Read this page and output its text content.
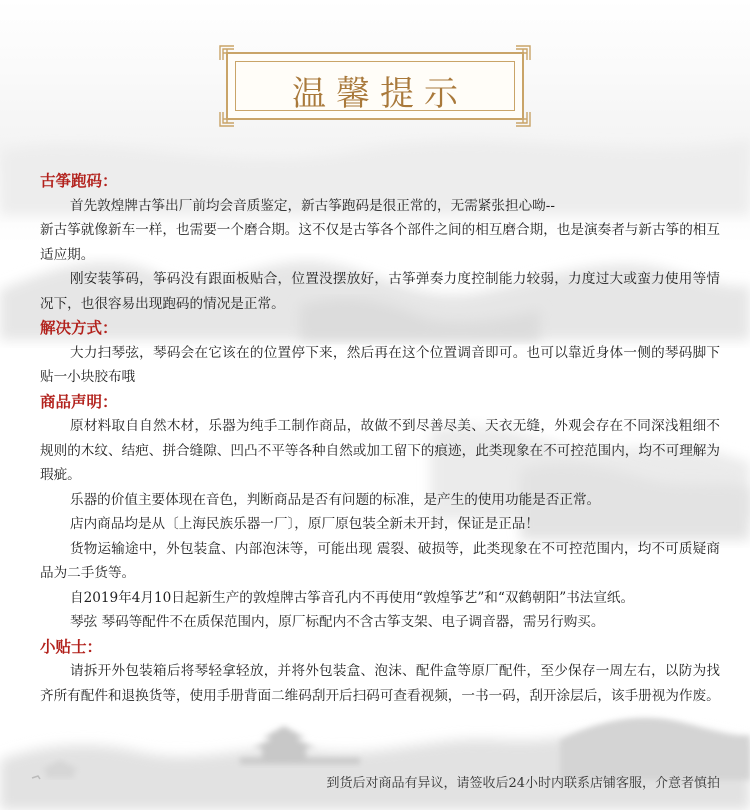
温馨提示
古筝跑码：

首先敦煌牌古筝出厂前均会音质鉴定，新古筝跑码是很正常的，无需紧张担心呦--

新古筝就像新车一样，也需要一个磨合期。这不仅是古筝各个部件之间的相互磨合期，也是演奏者与新古筝的相互适应期。

刚安装筝码，筝码没有跟面板贴合，位置没摆放好，古筝弹奏力度控制能力较弱，力度过大或蛮力使用等情况下，也很容易出现跑码的情况是正常。

解决方式：

大力扫琴弦，琴码会在它该在的位置停下来，然后再在这个位置调音即可。也可以靠近身体一侧的琴码脚下贴一小块胶布哦

商品声明：

原材料取自自然木材，乐器为纯手工制作商品，故做不到尽善尽美、天衣无缝，外观会存在不同深浅粗细不规则的木纹、结疤、拼合缝隙、凹凸不平等各种自然或加工留下的痕迹，此类现象在不可控范围内，均不可理解为瑕疵。

乐器的价值主要体现在音色，判断商品是否有问题的标准，是产生的使用功能是否正常。

店内商品均是从〔上海民族乐器一厂〕，原厂原包装全新未开封，保证是正品！

货物运输途中，外包装盒、内部泡沫等，可能出现 震裂、破损等，此类现象在不可控范围内，均不可质疑商品为二手货等。

自2019年4月10日起新生产的敦煌牌古筝音孔内不再使用“敦煌筝艺”和“双鹤朝阳”书法宣纸。

琴弦 琴码等配件不在质保范围内，原厂标配内不含古筝支架、电子调音器，需另行购买。

小贴士：

请拆开外包装箱后将琴轻拿轻放，并将外包装盒、泡沫、配件盒等原厂配件，至少保存一周左右，以防为找齐所有配件和退换货等，使用手册背面二维码刮开后扫码可查看视频，一书一码，刮开涂层后，该手册视为作废。

到货后对商品有异议，请签收后24小时内联系店铺客服，介意者慎拍
